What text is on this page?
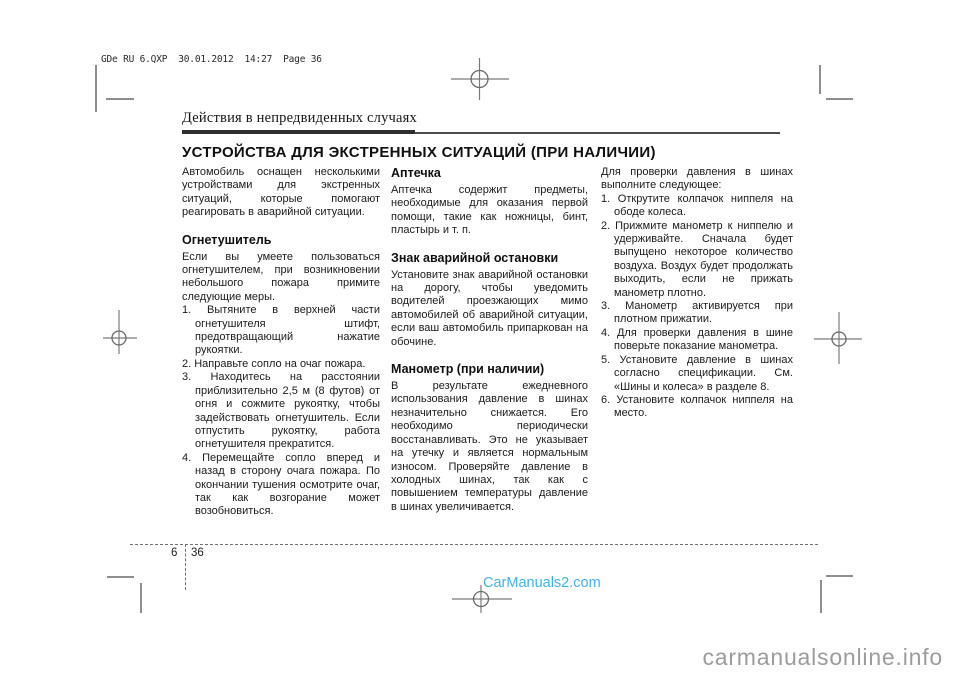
GDe RU 6.QXP  30.01.2012  14:27  Page 36
Действия в непредвиденных случаях
УСТРОЙСТВА ДЛЯ ЭКСТРЕННЫХ СИТУАЦИЙ (ПРИ НАЛИЧИИ)

Автомобиль оснащен несколькими устройствами для экстренных ситуаций, которые помогают реагировать в аварийной ситуации.

Огнетушитель

Если вы умеете пользоваться огнетушителем, при возникновении небольшого пожара примите следующие меры.

1. Вытяните в верхней части огнетушителя штифт, предотвращающий нажатие рукоятки.
2. Направьте сопло на очаг пожара.
3. Находитесь на расстоянии приблизительно 2,5 м (8 футов) от огня и сожмите рукоятку, чтобы задействовать огнетушитель. Если отпустить рукоятку, работа огнетушителя прекратится.
4. Перемещайте сопло вперед и назад в сторону очага пожара. По окончании тушения осмотрите очаг, так как возгорание может возобновиться.
Аптечка

Аптечка содержит предметы, необходимые для оказания первой помощи, такие как ножницы, бинт, пластырь и т. п.

Знак аварийной остановки

Установите знак аварийной остановки на дорогу, чтобы уведомить водителей проезжающих мимо автомобилей об аварийной ситуации, если ваш автомобиль припаркован на обочине.

Манометр (при наличии)

В результате ежедневного использования давление в шинах незначительно снижается. Его необходимо периодически восстанавливать. Это не указывает на утечку и является нормальным износом. Проверяйте давление в холодных шинах, так как с повышением температуры давление в шинах увеличивается.

Для проверки давления в шинах выполните следующее:

1. Открутите колпачок ниппеля на ободе колеса.
2. Прижмите манометр к ниппелю и удерживайте. Сначала будет выпущено некоторое количество воздуха. Воздух будет продолжать выходить, если не прижать манометр плотно.
3. Манометр активируется при плотном прижатии.
4. Для проверки давления в шине поверьте показание манометра.
5. Установите давление в шинах согласно спецификации. См. «Шины и колеса» в разделе 8.
6. Установите колпачок ниппеля на место.
6 36
CarManuals2.com
carmanualsonline.info
